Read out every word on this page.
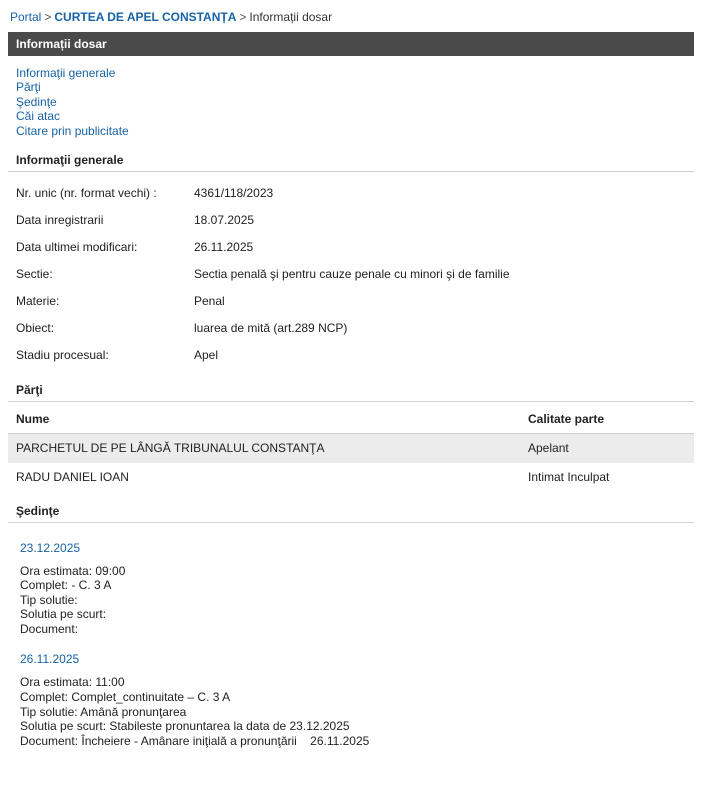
Portal > CURTEA DE APEL CONSTANȚA > Informații dosar
Informații dosar
Informaţii generale
Părţi
Şedinţe
Căi atac
Citare prin publicitate
Informaţii generale
Nr. unic (nr. format vechi) :	4361/118/2023
Data inregistrarii	18.07.2025
Data ultimei modificari:	26.11.2025
Sectie:	Sectia penală şi pentru cauze penale cu minori şi de familie
Materie:	Penal
Obiect:	luarea de mită (art.289 NCP)
Stadiu procesual:	Apel
Părţi
Nume	Calitate parte
PARCHETUL DE PE LÂNGĂ TRIBUNALUL CONSTANŢA	Apelant
RADU DANIEL IOAN	Intimat Inculpat
Şedinţe
23.12.2025
Ora estimata: 09:00
Complet: - C. 3 A
Tip solutie:
Solutia pe scurt:
Document:
26.11.2025
Ora estimata: 11:00
Complet: Complet_continuitate – C. 3 A
Tip solutie: Amână pronunţarea
Solutia pe scurt: Stabileste pronuntarea la data de 23.12.2025
Document: Încheiere - Amânare iniţială a pronunţării    26.11.2025
